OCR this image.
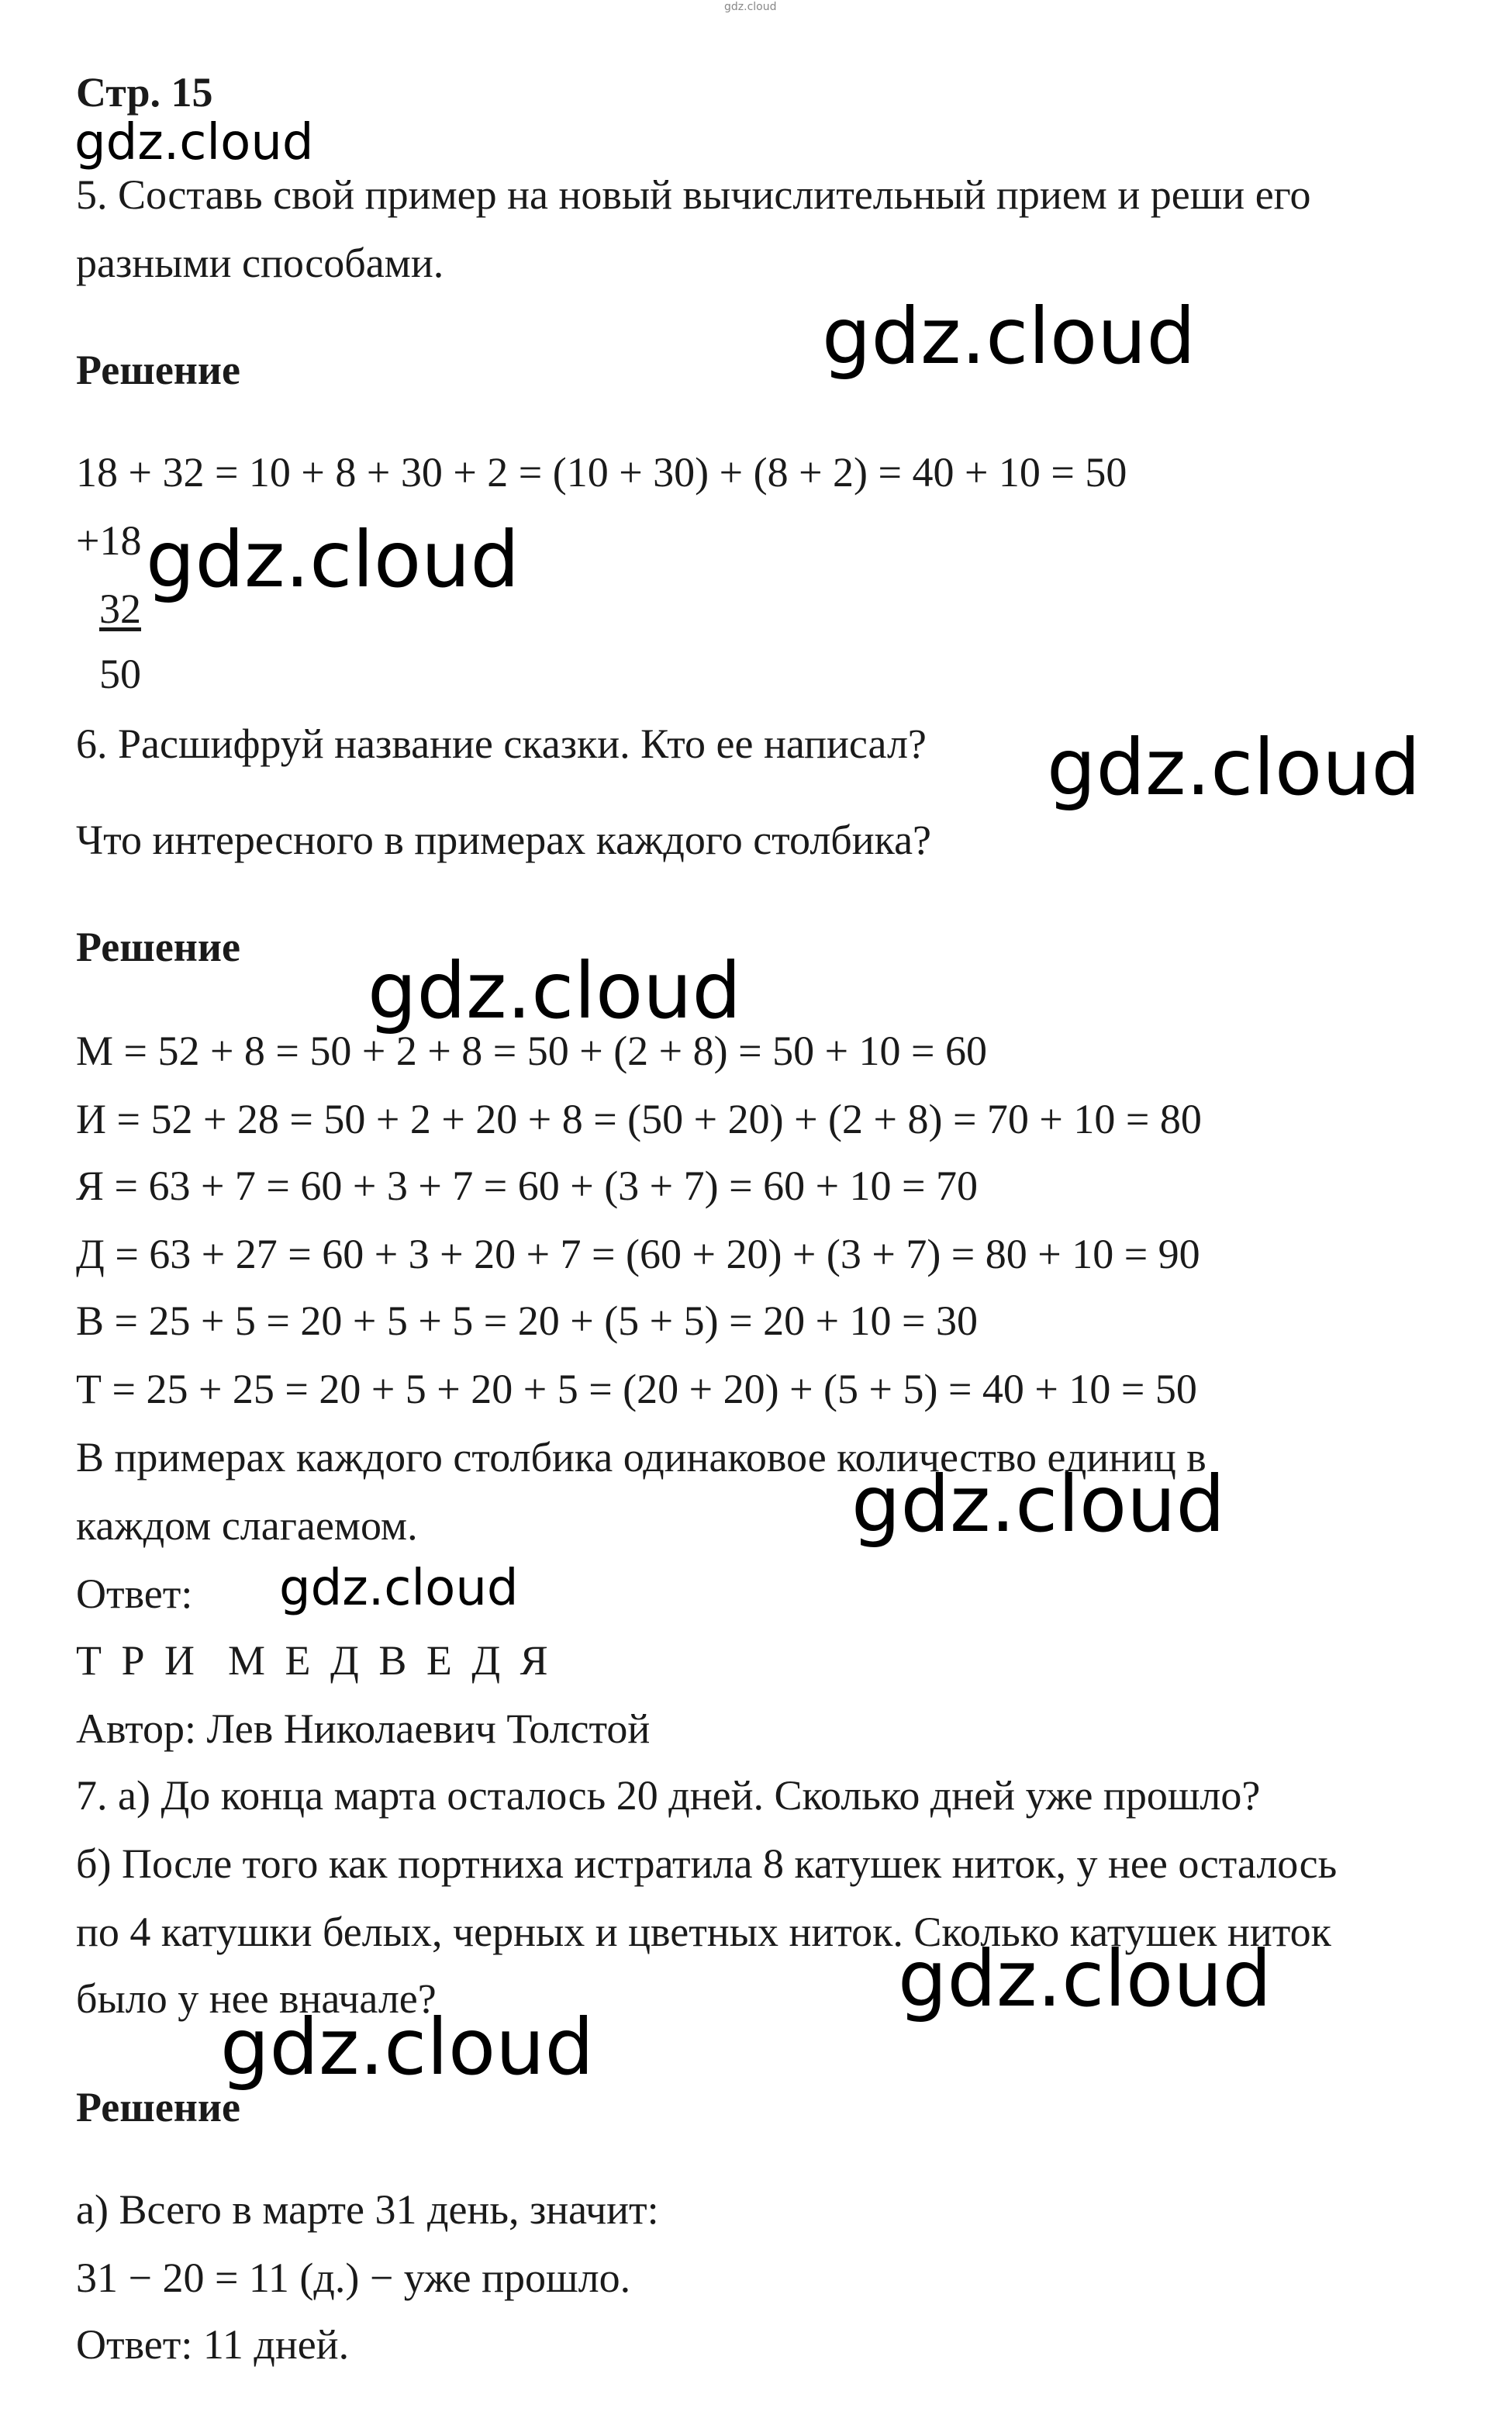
gdz.cloud
Стр. 15
gdz.cloud
5. Составь свой пример на новый вычислительный прием и реши его
разными способами.
Решение	gdz.cloud
18 + 32 = 10 + 8 + 30 + 2 = (10 + 30) + (8 + 2) = 40 + 10 = 50
+18 gdz.cloud
32
50
6. Расшифруй название сказки. Кто ее написал? gdz.cloud
Что интересного в примерах каждого столбика?
Решение gdz.cloud
М = 52 + 8 = 50 + 2 + 8 = 50 + (2 + 8) = 50 + 10 = 60
И = 52 + 28 = 50 + 2 + 20 + 8 = (50 + 20) + (2 + 8) = 70 + 10 = 80
Я = 63 + 7 = 60 + 3 + 7 = 60 + (3 + 7) = 60 + 10 = 70
Д = 63 + 27 = 60 + 3 + 20 + 7 = (60 + 20) + (3 + 7) = 80 + 10 = 90
В = 25 + 5 = 20 + 5 + 5 = 20 + (5 + 5) = 20 + 10 = 30
Т = 25 + 25 = 20 + 5 + 20 + 5 = (20 + 20) + (5 + 5) = 40 + 10 = 50
В примерах каждого столбика одинаковое количество единиц в
gdz.cloud
каждом слагаемом.
Ответ: gdz.cloud
Т Р И М Е Д В Е Д Я
Автор: Лев Николаевич Толстой
7. а) До конца марта осталось 20 дней. Сколько дней уже прошло?
б) После того как портниха истратила 8 катушек ниток, у нее осталось
по 4 катушки белых, черных и цветных ниток. Сколько катушек ниток
gdz.cloud
было у нее вначале?
gdz.cloud
Решение
а) Всего в марте 31 день, значит:
31 − 20 = 11 (д.) − уже прошло.
Ответ: 11 дней.
